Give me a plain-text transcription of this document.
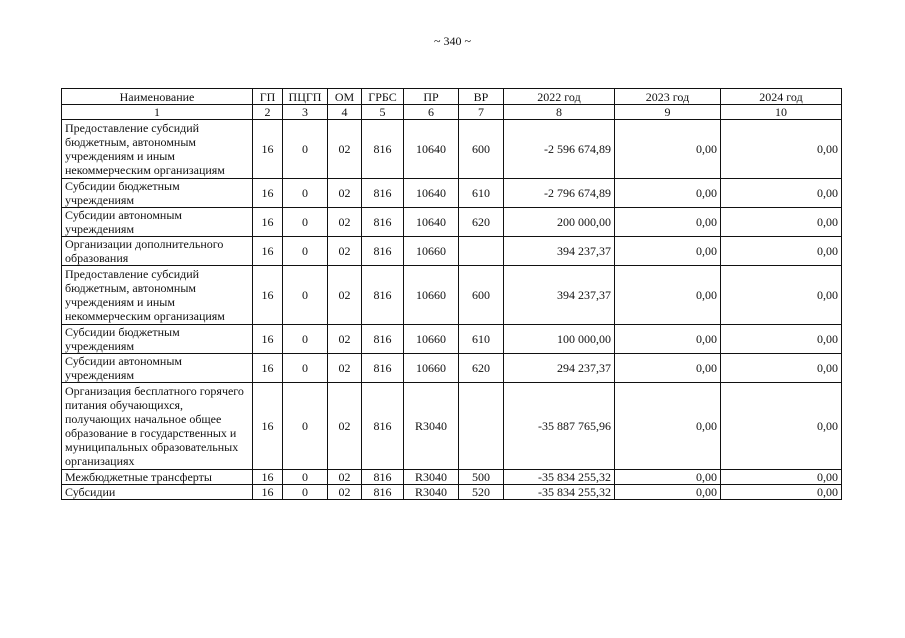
~ 340 ~
Наименование	ГП	ПЦГП	ОМ	ГРБС	ПР	ВР	2022 год	2023 год	2024 год
1	2	3	4	5	6	7	8	9	10
Предоставление субсидий бюджетным, автономным учреждениям и иным некоммерческим организациям	16	0	02	816	10640	600	-2 596 674,89	0,00	0,00
Субсидии бюджетным учреждениям	16	0	02	816	10640	610	-2 796 674,89	0,00	0,00
Субсидии автономным учреждениям	16	0	02	816	10640	620	200 000,00	0,00	0,00
Организации дополнительного образования	16	0	02	816	10660		394 237,37	0,00	0,00
Предоставление субсидий бюджетным, автономным учреждениям и иным некоммерческим организациям	16	0	02	816	10660	600	394 237,37	0,00	0,00
Субсидии бюджетным учреждениям	16	0	02	816	10660	610	100 000,00	0,00	0,00
Субсидии автономным учреждениям	16	0	02	816	10660	620	294 237,37	0,00	0,00
Организация бесплатного горячего питания обучающихся, получающих начальное общее образование в государственных и муниципальных образовательных организациях	16	0	02	816	R3040		-35 887 765,96	0,00	0,00
Межбюджетные трансферты	16	0	02	816	R3040	500	-35 834 255,32	0,00	0,00
Субсидии	16	0	02	816	R3040	520	-35 834 255,32	0,00	0,00
